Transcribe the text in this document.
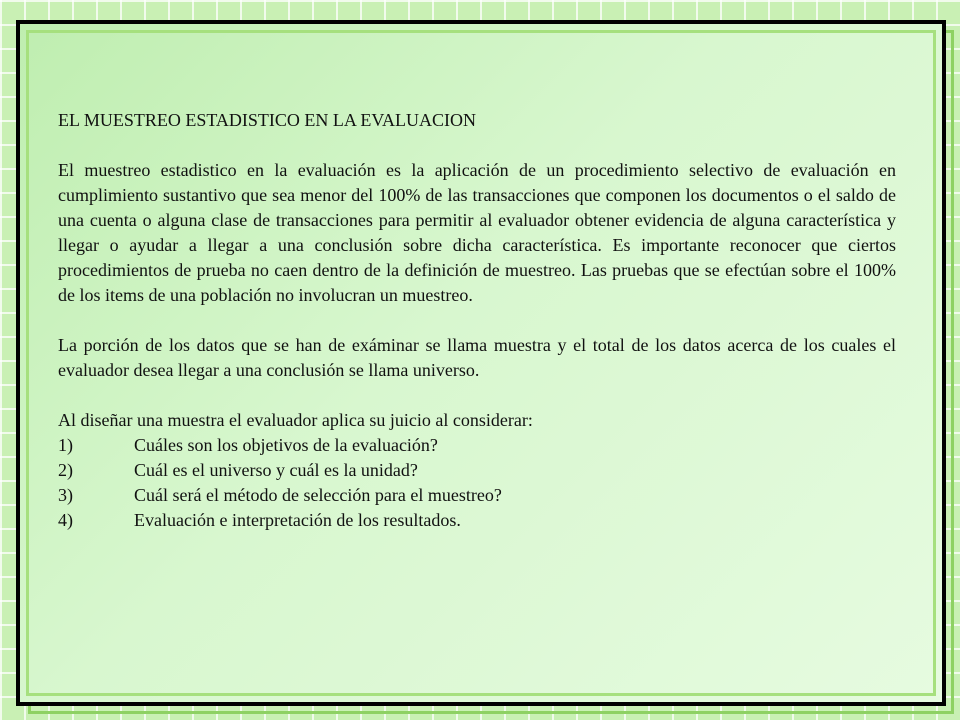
EL MUESTREO ESTADISTICO EN LA EVALUACION

El muestreo estadistico en la evaluación es la aplicación de un procedimiento selectivo de evaluación en cumplimiento sustantivo que sea menor del 100% de las transacciones que componen los documentos o el saldo de una cuenta o alguna clase de transacciones para permitir al evaluador obtener evidencia de alguna característica y llegar o ayudar a llegar a una conclusión sobre dicha característica. Es importante reconocer que ciertos procedimientos de prueba no caen dentro de la definición de muestreo. Las pruebas que se efectúan sobre el 100% de los items de una población no involucran un muestreo.

La porción de los datos que se han de exáminar se llama muestra y el total de los datos acerca de los cuales el evaluador desea llegar a una conclusión se llama universo.

Al diseñar una muestra el evaluador aplica su juicio al considerar:
1)	Cuáles son los objetivos de la evaluación?
2)	Cuál es el universo y cuál es la unidad?
3)	Cuál será el método de selección para el muestreo?
4)	Evaluación e interpretación de los resultados.
